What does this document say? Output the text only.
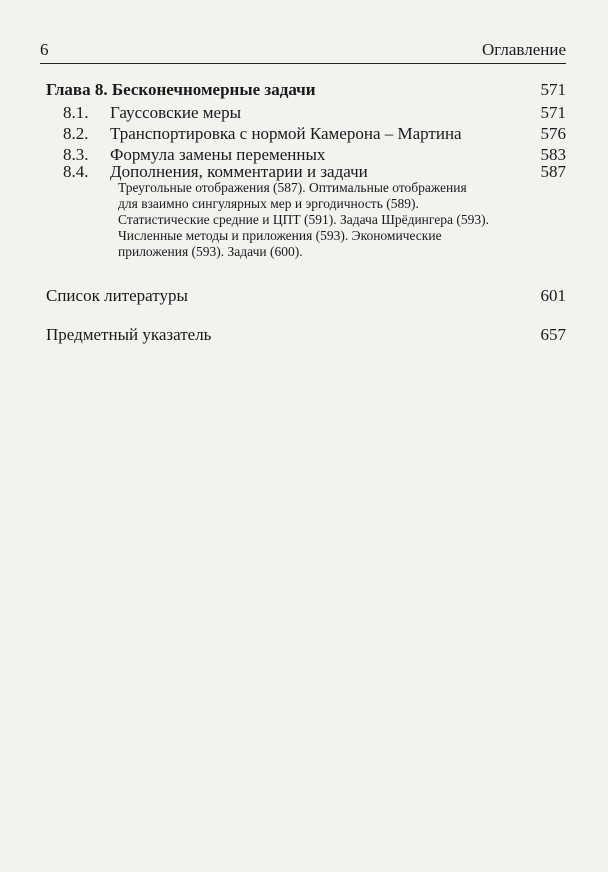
6	Оглавление
Глава 8. Бесконечномерные задачи	571
8.1. Гауссовские меры	571
8.2. Транспортировка с нормой Камерона – Мартина	576
8.3. Формула замены переменных	583
8.4. Дополнения, комментарии и задачи	587
Треугольные отображения (587). Оптимальные отображения
для взаимно сингулярных мер и эргодичность (589).
Статистические средние и ЦПТ (591). Задача Шрёдингера (593).
Численные методы и приложения (593). Экономические
приложения (593). Задачи (600).
Список литературы	601
Предметный указатель	657
